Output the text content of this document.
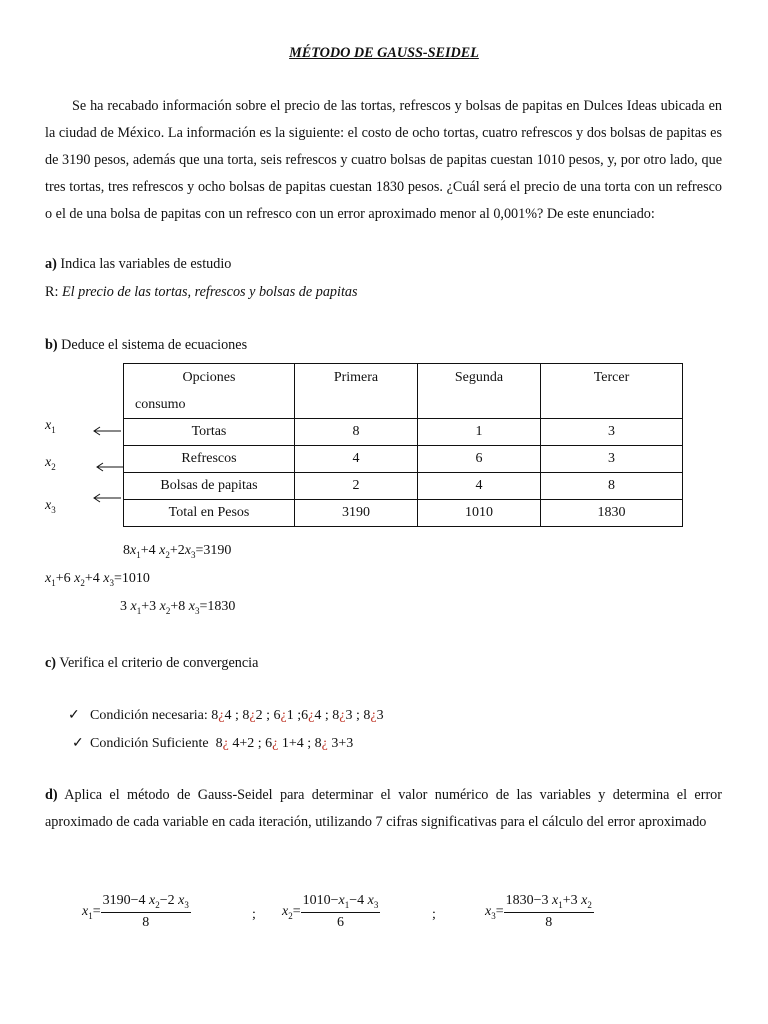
MÉTODO DE GAUSS-SEIDEL

Se ha recabado información sobre el precio de las tortas, refrescos y bolsas de papitas en Dulces Ideas ubicada en la ciudad de México. La información es la siguiente: el costo de ocho tortas, cuatro refrescos y dos bolsas de papitas es de 3190 pesos, además que una torta, seis refrescos y cuatro bolsas de papitas cuestan 1010 pesos, y, por otro lado, que tres tortas, tres refrescos y ocho bolsas de papitas cuestan 1830 pesos. ¿Cuál será el precio de una torta con un refresco o el de una bolsa de papitas con un refresco con un error aproximado menor al 0,001%? De este enunciado:

a) Indica las variables de estudio
R: El precio de las tortas, refrescos y bolsas de papitas
b) Deduce el sistema de ecuaciones
Opciones
consumo	Primera	Segunda	Tercer
Tortas	8	1	3
Refrescos	4	6	3
Bolsas de papitas	2	4	8
Total en Pesos	3190	1010	1830
$x_1$
$x_2$
$x_3$
$8x_1+4$ $x_2+2x_3=3190$
$x_1+6$ $x_2+4$ $x_3=1010$
3 $x_1+3$ $x_2+8$ $x_3=1830$
c) Verifica el criterio de convergencia
✓ Condición necesaria: 8¿4 ; 8¿2 ; 6¿1 ;6¿4 ; 8¿3 ; 8¿3
✓ Condición Suficiente 8¿ 4+2 ; 6¿ 1+4 ; 8¿ 3+3

d) Aplica el método de Gauss-Seidel para determinar el valor numérico de las variables y determina el error aproximado de cada variable en cada iteración, utilizando 7 cifras significativas para el cálculo del error aproximado

$x_1= \frac{3190-4 x_2-2 x_3}{8}$	; $x_2= \frac{1010-x_1-4 x_3}{6}$	;	$x_3= \frac{1830-3 x_1+3 x_2}{8}$
